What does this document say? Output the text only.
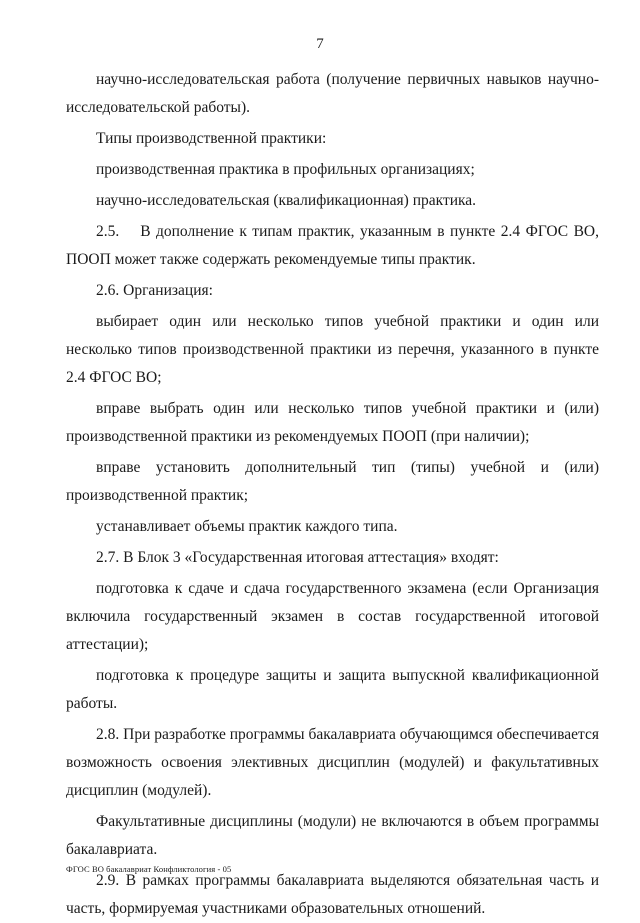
7

научно-исследовательская работа (получение первичных навыков научно-исследовательской работы).

Типы производственной практики:

производственная практика в профильных организациях;

научно-исследовательская (квалификационная) практика.

2.5.  В дополнение к типам практик, указанным в пункте 2.4 ФГОС ВО, ПООП может также содержать рекомендуемые типы практик.

2.6. Организация:

выбирает один или несколько типов учебной практики и один или несколько типов производственной практики из перечня, указанного в пункте 2.4 ФГОС ВО;

вправе выбрать один или несколько типов учебной практики и (или) производственной практики из рекомендуемых ПООП (при наличии);

вправе установить дополнительный тип (типы) учебной и (или) производственной практик;

устанавливает объемы практик каждого типа.

2.7. В Блок 3 «Государственная итоговая аттестация» входят:

подготовка к сдаче и сдача государственного экзамена (если Организация включила государственный экзамен в состав государственной итоговой аттестации);

подготовка к процедуре защиты и защита выпускной квалификационной работы.

2.8. При разработке программы бакалавриата обучающимся обеспечивается возможность освоения элективных дисциплин (модулей) и факультативных дисциплин (модулей).

Факультативные дисциплины (модули) не включаются в объем программы бакалавриата.

2.9. В рамках программы бакалавриата выделяются обязательная часть и часть, формируемая участниками образовательных отношений.

ФГОС ВО бакалавриат Конфликтология - 05
